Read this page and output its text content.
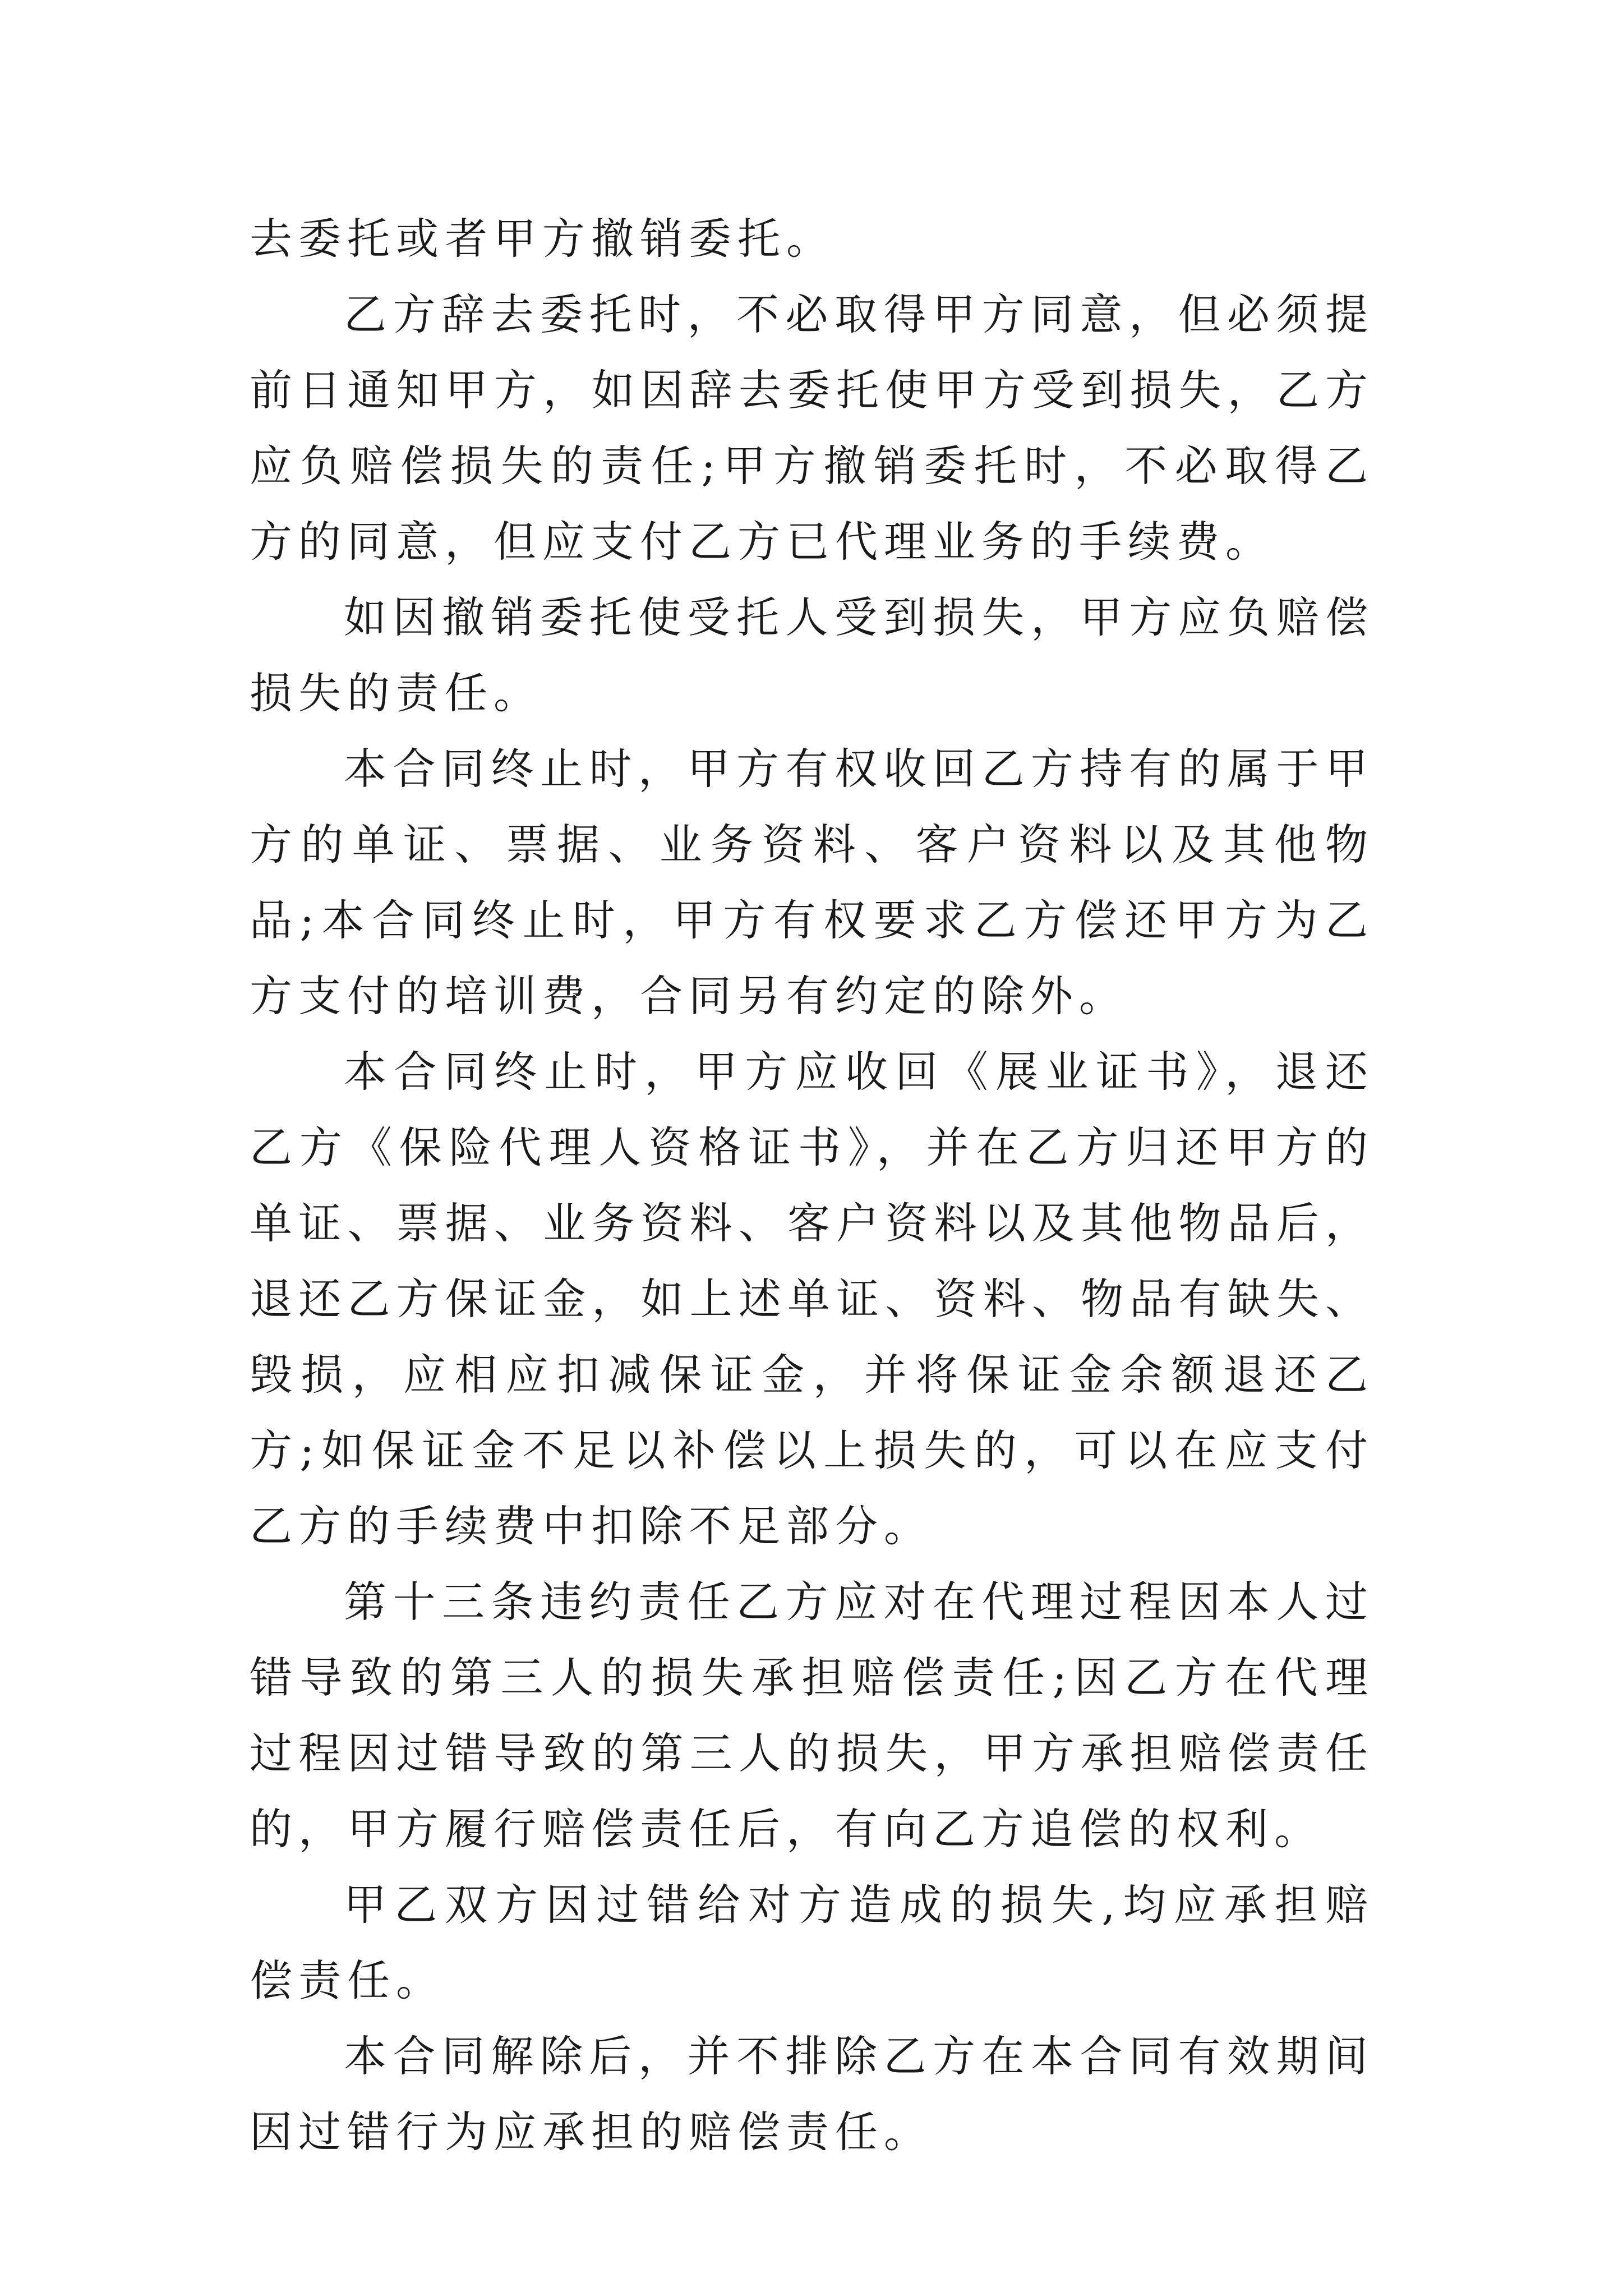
去委托或者甲方撤销委托。

乙方辞去委托时，不必取得甲方同意，但必须提前日通知甲方，如因辞去委托使甲方受到损失，乙方应负赔偿损失的责任;甲方撤销委托时，不必取得乙方的同意，但应支付乙方已代理业务的手续费。

如因撤销委托使受托人受到损失，甲方应负赔偿损失的责任。

本合同终止时，甲方有权收回乙方持有的属于甲方的单证、票据、业务资料、客户资料以及其他物品;本合同终止时，甲方有权要求乙方偿还甲方为乙方支付的培训费，合同另有约定的除外。

本合同终止时，甲方应收回《展业证书》，退还乙方《保险代理人资格证书》，并在乙方归还甲方的单证、票据、业务资料、客户资料以及其他物品后，退还乙方保证金，如上述单证、资料、物品有缺失、毁损，应相应扣减保证金，并将保证金余额退还乙方;如保证金不足以补偿以上损失的，可以在应支付乙方的手续费中扣除不足部分。

第十三条违约责任乙方应对在代理过程因本人过错导致的第三人的损失承担赔偿责任;因乙方在代理过程因过错导致的第三人的损失，甲方承担赔偿责任的，甲方履行赔偿责任后，有向乙方追偿的权利。

甲乙双方因过错给对方造成的损失,均应承担赔偿责任。

本合同解除后，并不排除乙方在本合同有效期间因过错行为应承担的赔偿责任。
